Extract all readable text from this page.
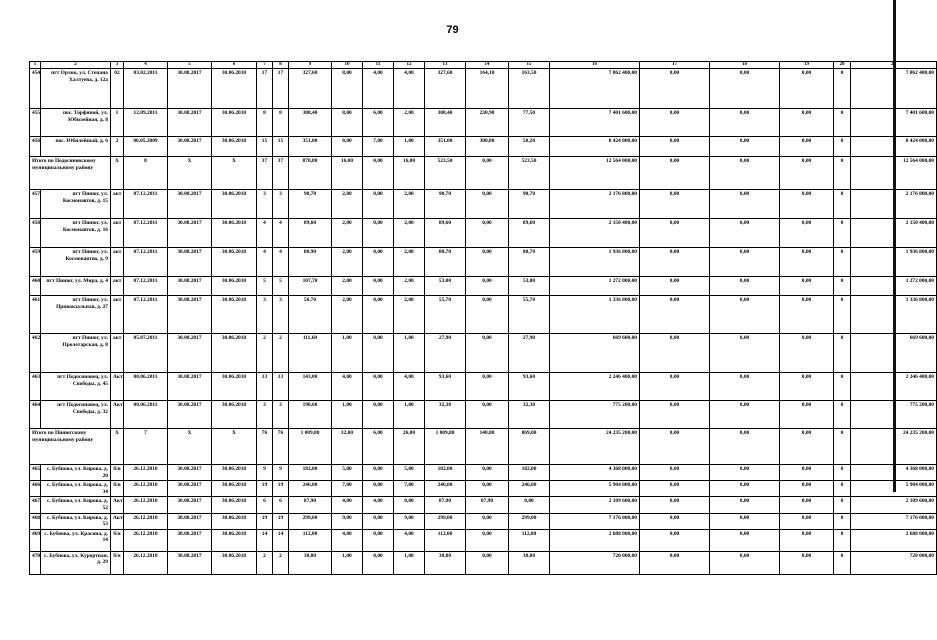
79
1	2	3	4	5	6	7	8	9	10	11	12	13	14	15	16	17	18	19	20	21
454	пгт Орлок, ул. Степана Халтуева, д. 12а	02	03.02.2011	30.08.2017	30.06.2018	17	17	327,60	8,00	4,00	4,00	327,60	164,10	163,50	7 862 400,00	0,00	0,00	0,00	0	7 862 400,00
455	пос. Торфяной, ул. Юбилейная, д. 8	1	12.09.2011	30.08.2017	30.06.2018	8	8	308,40	8,00	6,00	2,00	308,40	230,90	77,50	7 401 600,00	0,00	0,00	0,00	0	7 401 600,00
456	пос. Юбилейный, д. 6	2	06.05.2009	30.08.2017	30.06.2018	15	15	351,00	8,00	7,00	1,00	351,00	300,80	50,20	8 424 000,00	0,00	0,00	0,00	0	8 424 000,00
Итого по Подосиновскому муниципальному району		X	8	X	X	37	37	870,80	16,00	0,00	16,00	523,50	0,00	523,50	12 564 000,00	0,00	0,00	0,00	0	12 564 000,00
457	пгт Пинюг, ул. Космонавтов, д. 15	акт	07.12.2011	30.08.2017	30.06.2018	3	3	90,70	2,00	0,00	2,00	90,70	0,00	90,70	2 176 800,00	0,00	0,00	0,00	0	2 176 800,00
458	пгт Пинюг, ул. Космонавтов, д. 16	акт	07.12.2011	30.08.2017	30.06.2018	4	4	89,60	2,00	0,00	2,00	89,60	0,00	89,60	2 150 400,00	0,00	0,00	0,00	0	2 150 400,00
459	пгт Пинюг, ул. Космонавтов, д. 9	акт	07.12.2011	30.08.2017	30.06.2018	4	4	80,90	2,00	0,00	2,00	80,70	0,00	80,70	1 936 800,00	0,00	0,00	0,00	0	1 936 800,00
460	пгт Пинюг, ул. Мира, д. 4	акт	07.12.2011	30.08.2017	30.06.2018	5	5	107,70	2,00	0,00	2,00	53,00	0,00	53,00	1 272 000,00	0,00	0,00	0,00	0	1 272 000,00
461	пгт Пинюг, ул. Привокзальная, д. 27	акт	07.12.2011	30.08.2017	30.06.2018	3	3	56,70	2,00	0,00	2,00	55,70	0,00	55,70	1 336 800,00	0,00	0,00	0,00	0	1 336 800,00
462	пгт Пинюг, ул. Пролетарская, д. 8	акт	05.07.2011	30.08.2017	30.06.2018	2	2	111,60	1,00	0,00	1,00	27,90	0,00	27,90	669 600,00	0,00	0,00	0,00	0	669 600,00
463	пгт Подосиновец, ул. Свободы, д. 45	Акт	08.06.2011	30.08.2017	30.06.2018	13	13	143,00	4,00	0,00	4,00	93,60	0,00	93,60	2 246 400,00	0,00	0,00	0,00	0	2 246 400,00
464	пгт Подосиновец, ул. Свободы, д. 32	Акт	08.06.2011	30.08.2017	30.06.2018	3	3	190,60	1,00	0,00	1,00	32,30	0,00	32,30	775 200,00	0,00	0,00	0,00	0	775 200,00
Итого по Пинюгскому муниципальному району		X	7	X	X	76	76	1 009,80	32,00	6,00	26,00	1 009,80	140,80	869,00	24 235 200,00	0,00	0,00	0,00	0	24 235 200,00
465	с. Бубнова, ул. Кирова, д. 20	б/н	26.12.2010	30.08.2017	30.06.2018	9	9	182,00	5,00	0,00	5,00	182,00	0,00	182,00	4 368 000,00	0,00	0,00	0,00	0	4 368 000,00
466	с. Бубнова, ул. Кирова, д. 34	б/н	26.12.2010	30.08.2017	30.06.2018	19	19	246,00	7,00	0,00	7,00	246,00	0,00	246,00	5 904 000,00	0,00	0,00	0,00	0	5 904 000,00
467	с. Бубнова, ул. Кирова, д. 52	Акт	26.12.2010	30.08.2017	30.06.2018	6	6	87,90	4,00	4,00	0,00	87,90	87,90	0,00	2 109 600,00	0,00	0,00	0,00	0	2 109 600,00
468	с. Бубнова, ул. Кирова, д. 53	Акт	26.12.2010	30.08.2017	30.06.2018	19	19	299,00	9,00	0,00	9,00	299,00	0,00	299,00	7 176 000,00	0,00	0,00	0,00	0	7 176 000,00
469	с. Бубнова, ул. Красина, д. 14	б/н	26.12.2010	30.08.2017	30.06.2018	14	14	112,00	4,00	0,00	4,00	112,00	0,00	112,00	2 688 000,00	0,00	0,00	0,00	0	2 688 000,00
470	с. Бубнова, ул. Курортная, д. 29	б/н	26.12.2010	30.08.2017	30.06.2018	2	2	30,00	1,00	0,00	1,00	30,00	0,00	30,00	720 000,00	0,00	0,00	0,00	0	720 000,00
